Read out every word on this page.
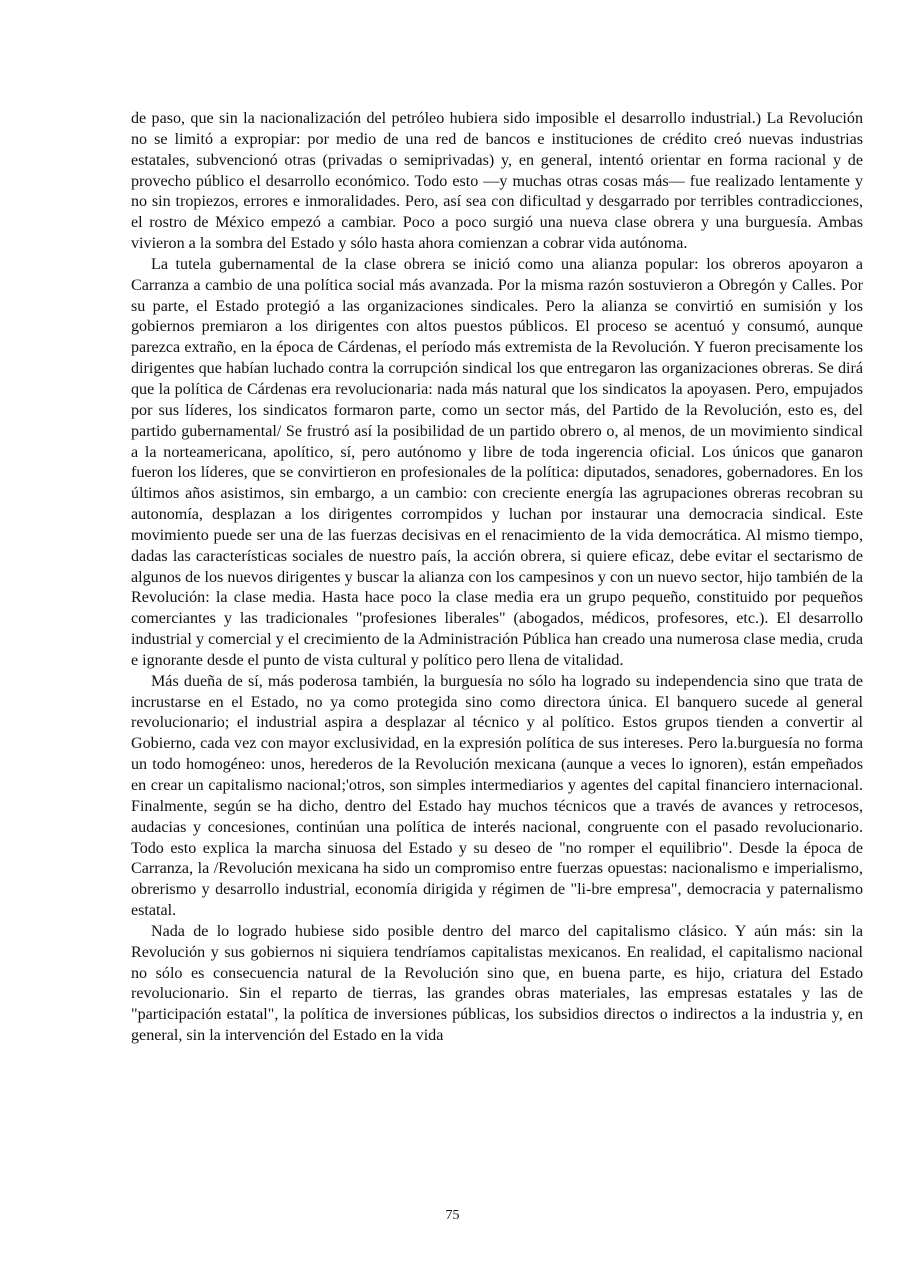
de paso, que sin la nacionalización del petróleo hubiera sido imposible el desarrollo industrial.) La Revolución no se limitó a expropiar: por medio de una red de bancos e instituciones de crédito creó nuevas industrias estatales, subvencionó otras (privadas o semiprivadas) y, en general, intentó orientar en forma racional y de provecho público el desarrollo económico. Todo esto —y muchas otras cosas más— fue realizado lentamente y no sin tropiezos, errores e inmoralidades. Pero, así sea con dificultad y desgarrado por terribles contradicciones, el rostro de México empezó a cambiar. Poco a poco surgió una nueva clase obrera y una burguesía. Ambas vivieron a la sombra del Estado y sólo hasta ahora comienzan a cobrar vida autónoma.

La tutela gubernamental de la clase obrera se inició como una alianza popular: los obreros apoyaron a Carranza a cambio de una política social más avanzada. Por la misma razón sostuvieron a Obregón y Calles. Por su parte, el Estado protegió a las organizaciones sindicales. Pero la alianza se convirtió en sumisión y los gobiernos premiaron a los dirigentes con altos puestos públicos. El proceso se acentuó y consumó, aunque parezca extraño, en la época de Cárdenas, el período más extremista de la Revolución. Y fueron precisamente los dirigentes que habían luchado contra la corrupción sindical los que entregaron las organizaciones obreras. Se dirá que la política de Cárdenas era revolucionaria: nada más natural que los sindicatos la apoyasen. Pero, empujados por sus líderes, los sindicatos formaron parte, como un sector más, del Partido de la Revolución, esto es, del partido gubernamental/ Se frustró así la posibilidad de un partido obrero o, al menos, de un movimiento sindical a la norteamericana, apolítico, sí, pero autónomo y libre de toda ingerencia oficial. Los únicos que ganaron fueron los líderes, que se convirtieron en profesionales de la política: diputados, senadores, gobernadores. En los últimos años asistimos, sin embargo, a un cambio: con creciente energía las agrupaciones obreras recobran su autonomía, desplazan a los dirigentes corrompidos y luchan por instaurar una democracia sindical. Este movimiento puede ser una de las fuerzas decisivas en el renacimiento de la vida democrática. Al mismo tiempo, dadas las características sociales de nuestro país, la acción obrera, si quiere eficaz, debe evitar el sectarismo de algunos de los nuevos dirigentes y buscar la alianza con los campesinos y con un nuevo sector, hijo también de la Revolución: la clase media. Hasta hace poco la clase media era un grupo pequeño, constituido por pequeños comerciantes y las tradicionales "profesiones liberales" (abogados, médicos, profesores, etc.). El desarrollo industrial y comercial y el crecimiento de la Administración Pública han creado una numerosa clase media, cruda e ignorante desde el punto de vista cultural y político pero llena de vitalidad.

Más dueña de sí, más poderosa también, la burguesía no sólo ha logrado su independencia sino que trata de incrustarse en el Estado, no ya como protegida sino como directora única. El banquero sucede al general revolucionario; el industrial aspira a desplazar al técnico y al político. Estos grupos tienden a convertir al Gobierno, cada vez con mayor exclusividad, en la expresión política de sus intereses. Pero la.burguesía no forma un todo homogéneo: unos, herederos de la Revolución mexicana (aunque a veces lo ignoren), están empeñados en crear un capitalismo nacional;'otros, son simples intermediarios y agentes del capital financiero internacional. Finalmente, según se ha dicho, dentro del Estado hay muchos técnicos que a través de avances y retrocesos, audacias y concesiones, continúan una política de interés nacional, congruente con el pasado revolucionario. Todo esto explica la marcha sinuosa del Estado y su deseo de "no romper el equilibrio". Desde la época de Carranza, la /Revolución mexicana ha sido un compromiso entre fuerzas opuestas: nacionalismo e imperialismo, obrerismo y desarrollo industrial, economía dirigida y régimen de "li-bre empresa", democracia y paternalismo estatal.

Nada de lo logrado hubiese sido posible dentro del marco del capitalismo clásico. Y aún más: sin la Revolución y sus gobiernos ni siquiera tendríamos capitalistas mexicanos. En realidad, el capitalismo nacional no sólo es consecuencia natural de la Revolución sino que, en buena parte, es hijo, criatura del Estado revolucionario. Sin el reparto de tierras, las grandes obras materiales, las empresas estatales y las de "participación estatal", la política de inversiones públicas, los subsidios directos o indirectos a la industria y, en general, sin la intervención del Estado en la vida

75
